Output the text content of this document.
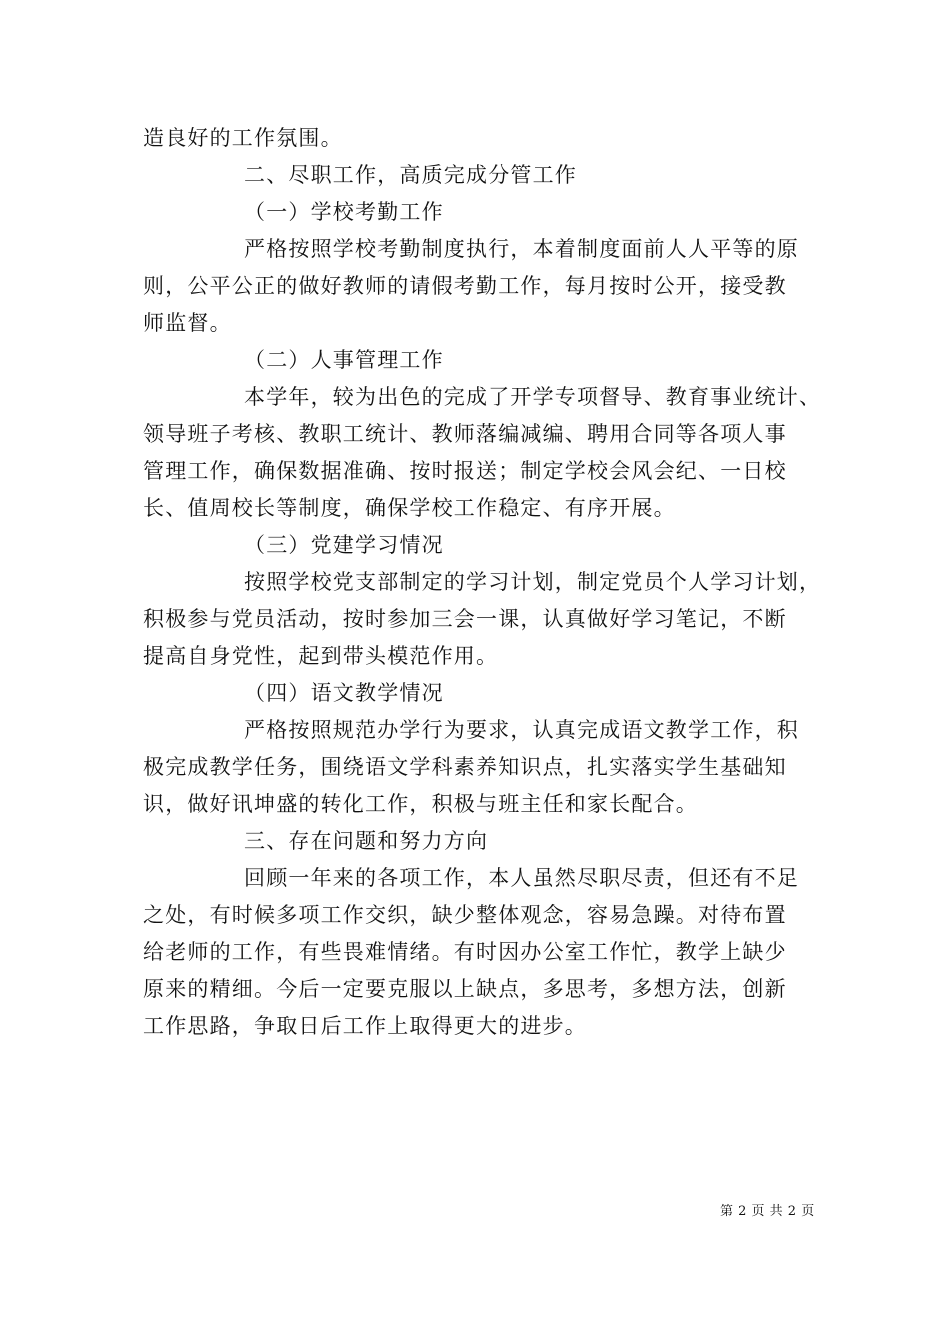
造良好的工作氛围。
二、尽职工作，高质完成分管工作
（一）学校考勤工作
严格按照学校考勤制度执行，本着制度面前人人平等的原
则，公平公正的做好教师的请假考勤工作，每月按时公开，接受教
师监督。
（二）人事管理工作
本学年，较为出色的完成了开学专项督导、教育事业统计、
领导班子考核、教职工统计、教师落编减编、聘用合同等各项人事
管理工作，确保数据准确、按时报送；制定学校会风会纪、一日校
长、值周校长等制度，确保学校工作稳定、有序开展。
（三）党建学习情况
按照学校党支部制定的学习计划，制定党员个人学习计划，
积极参与党员活动，按时参加三会一课，认真做好学习笔记，不断
提高自身党性，起到带头模范作用。
（四）语文教学情况
严格按照规范办学行为要求，认真完成语文教学工作，积
极完成教学任务，围绕语文学科素养知识点，扎实落实学生基础知
识，做好讯坤盛的转化工作，积极与班主任和家长配合。
三、存在问题和努力方向
回顾一年来的各项工作，本人虽然尽职尽责，但还有不足
之处，有时候多项工作交织，缺少整体观念，容易急躁。对待布置
给老师的工作，有些畏难情绪。有时因办公室工作忙，教学上缺少
原来的精细。今后一定要克服以上缺点，多思考，多想方法，创新
工作思路，争取日后工作上取得更大的进步。
第 2 页 共 2 页
